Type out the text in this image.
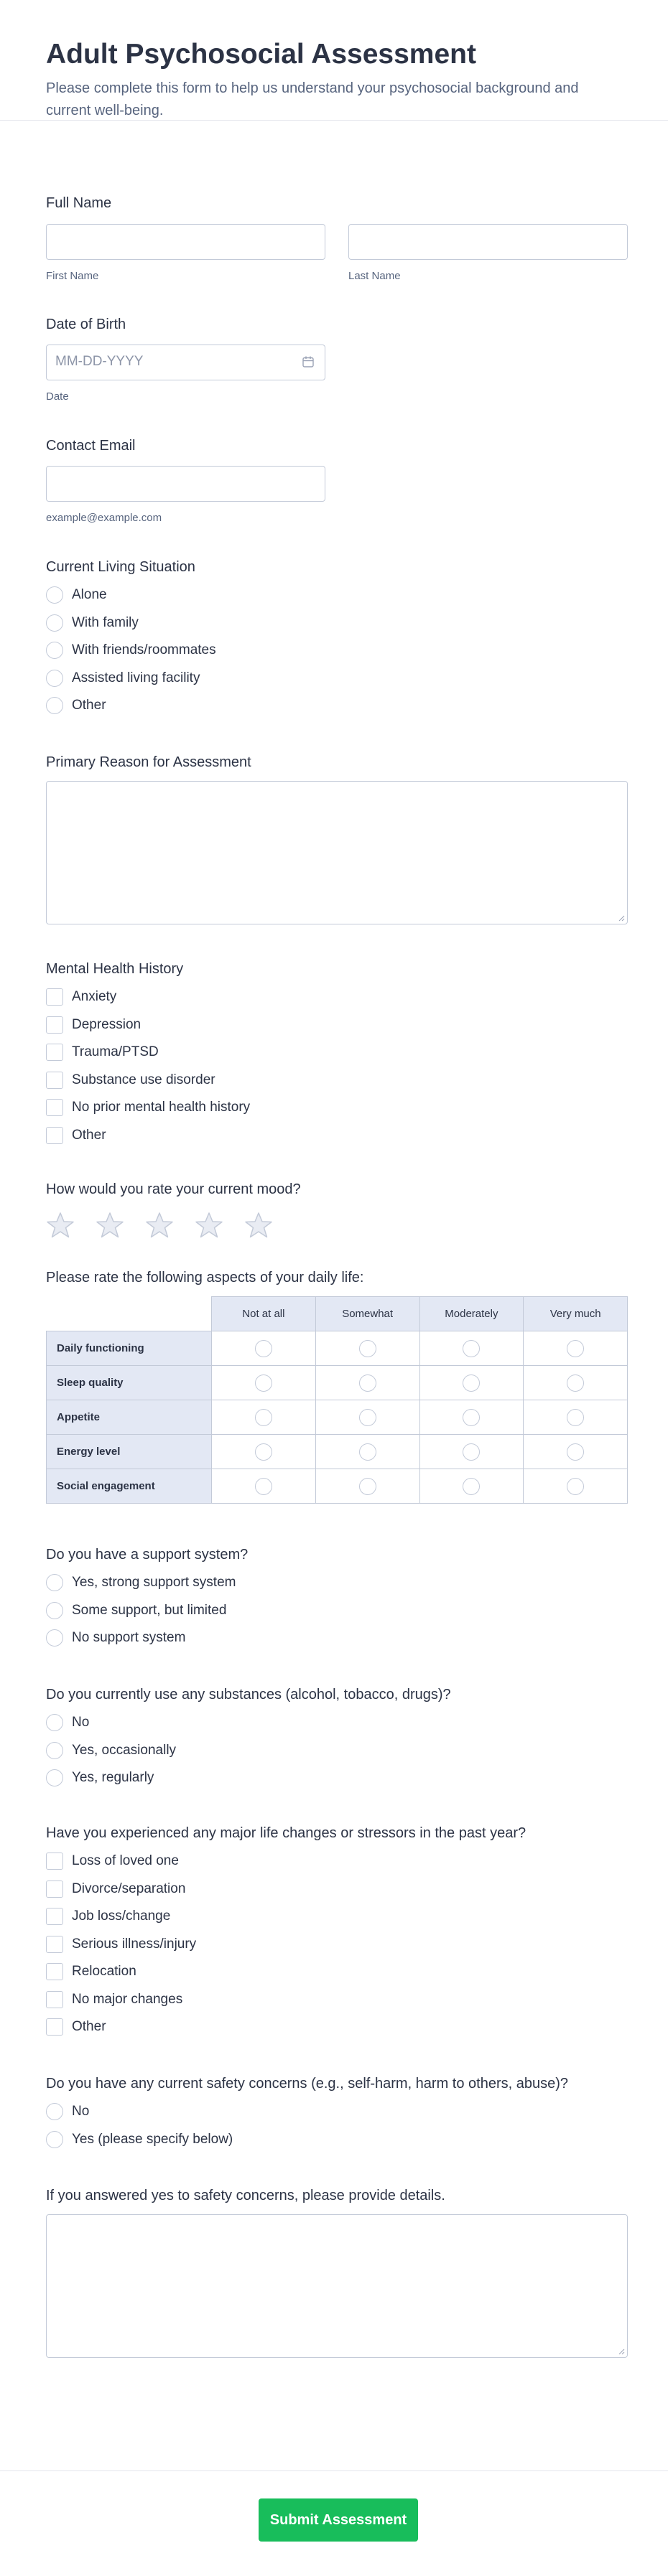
Adult Psychosocial Assessment
Please complete this form to help us understand your psychosocial background and current well-being.
Full Name
First Name	Last Name
Date of Birth
MM-DD-YYYY
Date
Contact Email
example@example.com
Current Living Situation
Alone
With family
With friends/roommates
Assisted living facility
Other
Primary Reason for Assessment
Mental Health History
Anxiety
Depression
Trauma/PTSD
Substance use disorder
No prior mental health history
Other
How would you rate your current mood?
Please rate the following aspects of your daily life:
	Not at all	Somewhat	Moderately	Very much
Daily functioning				
Sleep quality				
Appetite				
Energy level				
Social engagement				
Do you have a support system?
Yes, strong support system
Some support, but limited
No support system
Do you currently use any substances (alcohol, tobacco, drugs)?
No
Yes, occasionally
Yes, regularly
Have you experienced any major life changes or stressors in the past year?
Loss of loved one
Divorce/separation
Job loss/change
Serious illness/injury
Relocation
No major changes
Other
Do you have any current safety concerns (e.g., self-harm, harm to others, abuse)?
No
Yes (please specify below)
If you answered yes to safety concerns, please provide details.
Submit Assessment
